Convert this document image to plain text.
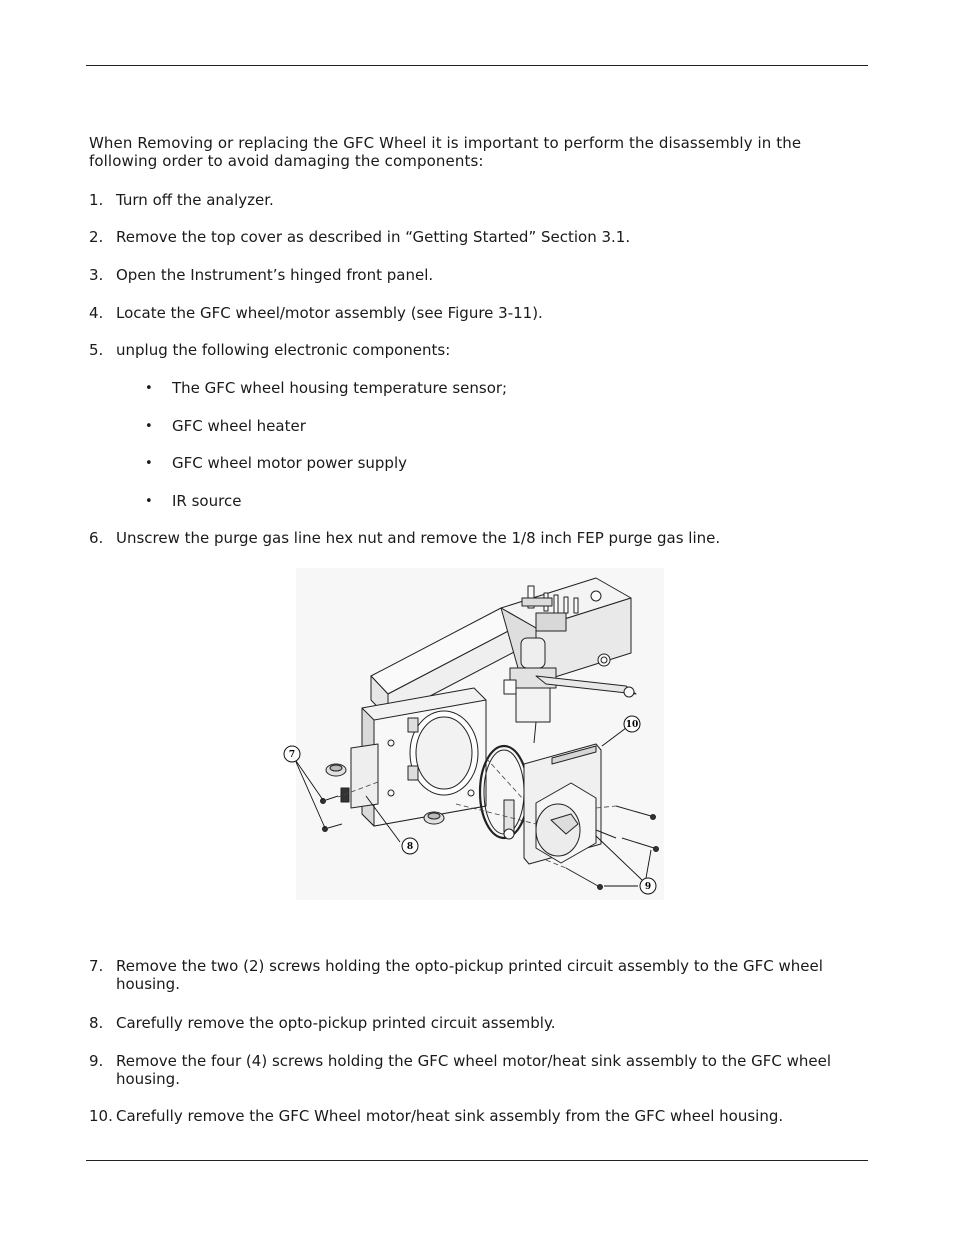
When Removing or replacing the GFC Wheel it is important to perform the disassembly in the following order to avoid damaging the components:
1. Turn off the analyzer.
2. Remove the top cover as described in “Getting Started” Section 3.1.
3. Open the Instrument’s hinged front panel.
4. Locate the GFC wheel/motor assembly (see Figure 3-11).
5. unplug the following electronic components:
• The GFC wheel housing temperature sensor;
• GFC wheel heater
• GFC wheel motor power supply
• IR source
6. Unscrew the purge gas line hex nut and remove the 1/8 inch FEP purge gas line.
7
8
9
10
7. Remove the two (2) screws holding the opto-pickup printed circuit assembly to the GFC wheel housing.
8. Carefully remove the opto-pickup printed circuit assembly.
9. Remove the four (4) screws holding the GFC wheel motor/heat sink assembly to the GFC wheel housing.
10. Carefully remove the GFC Wheel motor/heat sink assembly from the GFC wheel housing.
